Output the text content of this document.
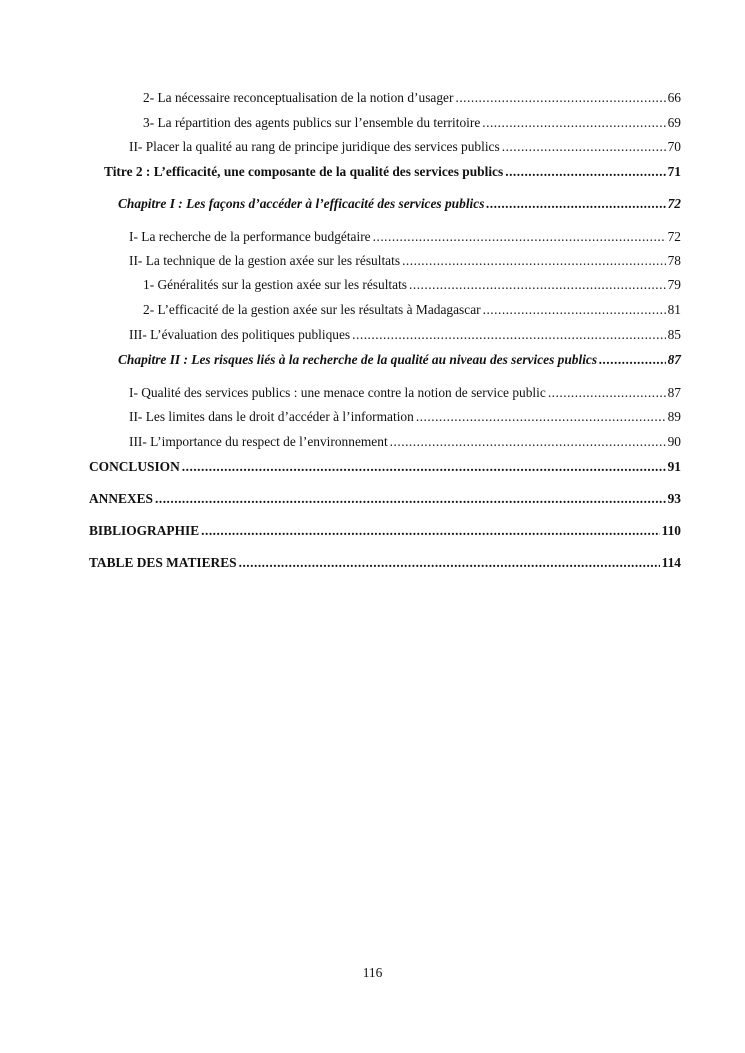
2- La nécessaire reconceptualisation de la notion d’usager .....	66
3- La répartition des agents publics sur l’ensemble du territoire .....	69
II- Placer la qualité au rang de principe juridique des services publics .....	70
Titre 2 : L’efficacité, une composante de la qualité des services publics .....	71
Chapitre I : Les façons d’accéder à l’efficacité des services publics .....	72
I- La recherche de la performance budgétaire .....	72
II- La technique de la gestion axée sur les résultats .....	78
1- Généralités sur la gestion axée sur les résultats .....	79
2- L’efficacité de la gestion axée sur les résultats à Madagascar .....	81
III- L’évaluation des politiques publiques .....	85
Chapitre II : Les risques liés à la recherche de la qualité au niveau des services publics .....	87
I- Qualité des services publics : une menace contre la notion de service public .....	87
II- Les limites dans le droit d’accéder à l’information .....	89
III- L’importance du respect de l’environnement .....	90
CONCLUSION .....	91
ANNEXES .....	93
BIBLIOGRAPHIE .....	110
TABLE DES MATIERES .....	114
116
